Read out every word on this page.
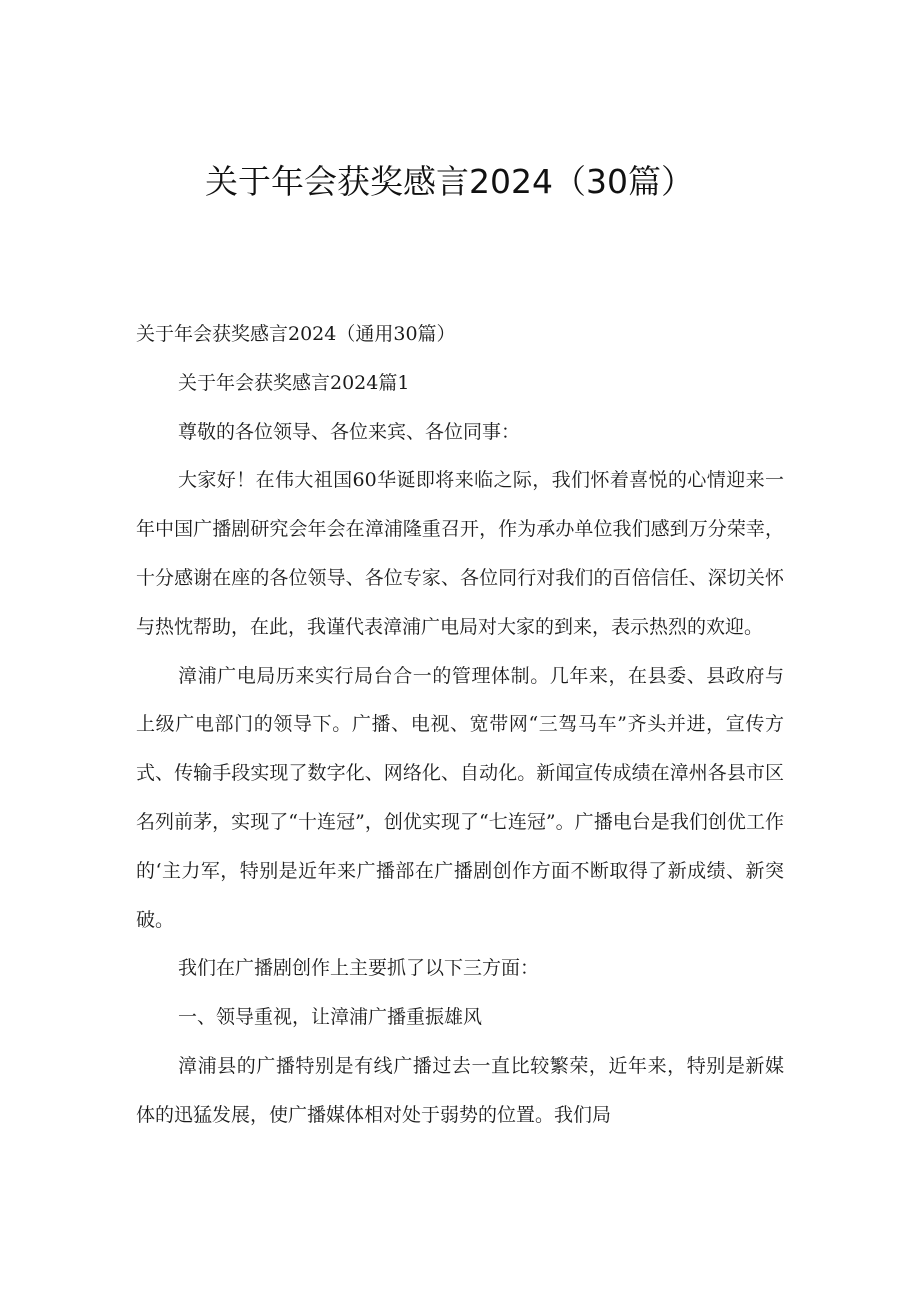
关于年会获奖感言2024（30篇）

关于年会获奖感言2024（通用30篇）

关于年会获奖感言2024篇1

尊敬的各位领导、各位来宾、各位同事：

大家好！在伟大祖国60华诞即将来临之际，我们怀着喜悦的心情迎来一年中国广播剧研究会年会在漳浦隆重召开，作为承办单位我们感到万分荣幸，十分感谢在座的各位领导、各位专家、各位同行对我们的百倍信任、深切关怀与热忱帮助，在此，我谨代表漳浦广电局对大家的到来，表示热烈的欢迎。

漳浦广电局历来实行局台合一的管理体制。几年来，在县委、县政府与上级广电部门的领导下。广播、电视、宽带网“三驾马车”齐头并进，宣传方式、传输手段实现了数字化、网络化、自动化。新闻宣传成绩在漳州各县市区名列前茅，实现了“十连冠”，创优实现了“七连冠”。广播电台是我们创优工作的‘主力军，特别是近年来广播部在广播剧创作方面不断取得了新成绩、新突破。

我们在广播剧创作上主要抓了以下三方面：

一、领导重视，让漳浦广播重振雄风

漳浦县的广播特别是有线广播过去一直比较繁荣，近年来，特别是新媒体的迅猛发展，使广播媒体相对处于弱势的位置。我们局
